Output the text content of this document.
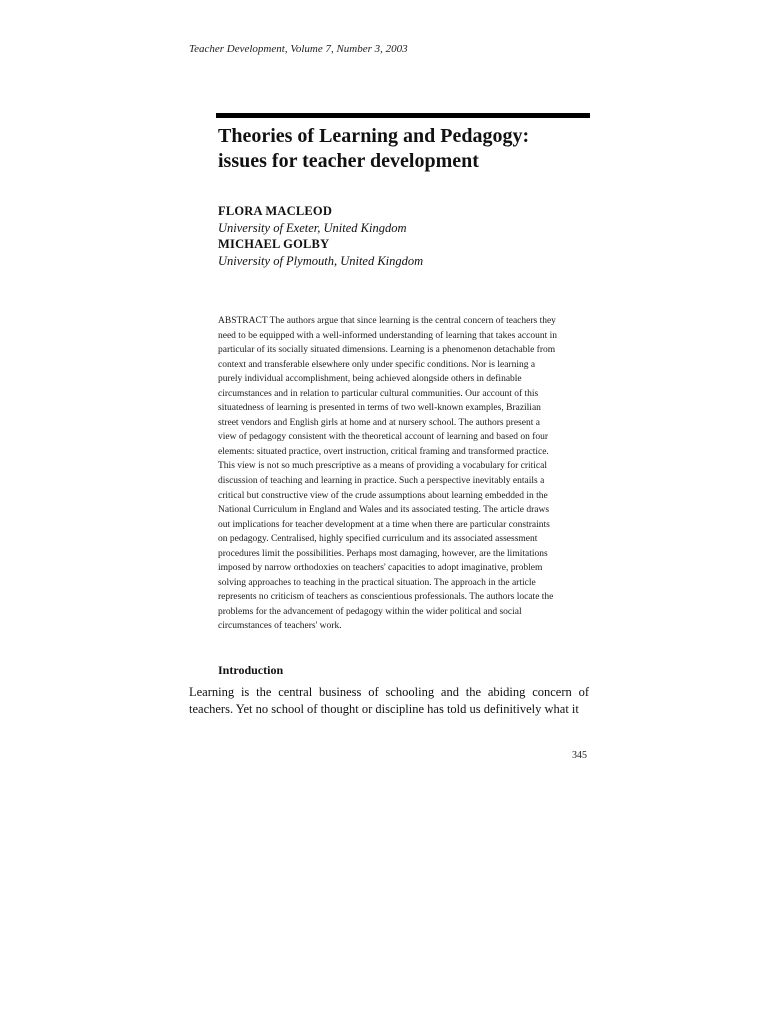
Teacher Development, Volume 7, Number 3, 2003
Theories of Learning and Pedagogy:
issues for teacher development
FLORA MACLEOD
University of Exeter, United Kingdom
MICHAEL GOLBY
University of Plymouth, United Kingdom
ABSTRACT The authors argue that since learning is the central concern of teachers they
need to be equipped with a well-informed understanding of learning that takes account in
particular of its socially situated dimensions. Learning is a phenomenon detachable from
context and transferable elsewhere only under specific conditions. Nor is learning a
purely individual accomplishment, being achieved alongside others in definable
circumstances and in relation to particular cultural communities. Our account of this
situatedness of learning is presented in terms of two well-known examples, Brazilian
street vendors and English girls at home and at nursery school. The authors present a
view of pedagogy consistent with the theoretical account of learning and based on four
elements: situated practice, overt instruction, critical framing and transformed practice.
This view is not so much prescriptive as a means of providing a vocabulary for critical
discussion of teaching and learning in practice. Such a perspective inevitably entails a
critical but constructive view of the crude assumptions about learning embedded in the
National Curriculum in England and Wales and its associated testing. The article draws
out implications for teacher development at a time when there are particular constraints
on pedagogy. Centralised, highly specified curriculum and its associated assessment
procedures limit the possibilities. Perhaps most damaging, however, are the limitations
imposed by narrow orthodoxies on teachers' capacities to adopt imaginative, problem
solving approaches to teaching in the practical situation. The approach in the article
represents no criticism of teachers as conscientious professionals. The authors locate the
problems for the advancement of pedagogy within the wider political and social
circumstances of teachers' work.
Introduction
Learning is the central business of schooling and the abiding concern of
teachers. Yet no school of thought or discipline has told us definitively what it
345
